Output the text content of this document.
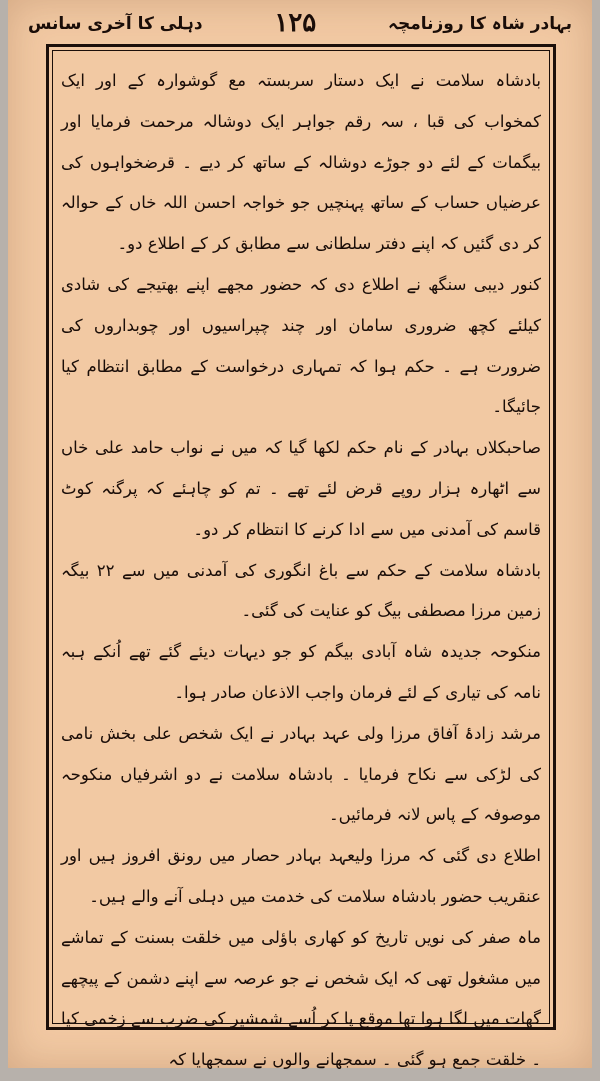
بہادر شاہ کا روزنامچہ
۱۲۵
دہلی کا آخری سانس

بادشاہ سلامت نے ایک دستار سربستہ مع گوشوارہ کے اور ایک کمخواب کی قبا ، سہ رقم جواہر ایک دوشالہ مرحمت فرمایا اور بیگمات کے لئے دو جوڑے دوشالہ کے ساتھ کر دیے ۔ قرضخواہوں کی عرضیاں حساب کے ساتھ پہنچیں جو خواجہ احسن اللہ خاں کے حوالہ کر دی گئیں کہ اپنے دفتر سلطانی سے مطابق کر کے اطلاع دو۔

کنور دیبی سنگھ نے اطلاع دی کہ حضور مجھے اپنے بھتیجے کی شادی کیلئے کچھ ضروری سامان اور چند چپراسیوں اور چوبداروں کی ضرورت ہے ۔ حکم ہوا کہ تمہاری درخواست کے مطابق انتظام کیا جائیگا۔

صاحبکلاں بہادر کے نام حکم لکھا گیا کہ میں نے نواب حامد علی خاں سے اٹھارہ ہزار روپے قرض لئے تھے ۔ تم کو چاہئے کہ پرگنہ کوٹ قاسم کی آمدنی میں سے ادا کرنے کا انتظام کر دو۔

بادشاہ سلامت کے حکم سے باغ انگوری کی آمدنی میں سے ۲۲ بیگہ زمین مرزا مصطفی بیگ کو عنایت کی گئی۔

منکوحہ جدیدہ شاہ آبادی بیگم کو جو دیہات دیئے گئے تھے اُنکے ہبہ نامہ کی تیاری کے لئے فرمان واجب الاذعان صادر ہوا۔

مرشد زادۂ آفاق مرزا ولی عہد بہادر نے ایک شخص علی بخش نامی کی لڑکی سے نکاح فرمایا ۔ بادشاہ سلامت نے دو اشرفیاں منکوحہ موصوفہ کے پاس لانہ فرمائیں۔

اطلاع دی گئی کہ مرزا ولیعہد بہادر حصار میں رونق افروز ہیں اور عنقریب حضور بادشاہ سلامت کی خدمت میں دہلی آنے والے ہیں۔

ماہ صفر کی نویں تاریخ کو کھاری باؤلی میں خلقت بسنت کے تماشے میں مشغول تھی کہ ایک شخص نے جو عرصہ سے اپنے دشمن کے پیچھے گھات میں لگا ہوا تھا موقع پا کر اُسے شمشیر کی ضرب سے زخمی کیا ۔ خلقت جمع ہو گئی ۔ سمجھانے والوں نے سمجھایا کہ
